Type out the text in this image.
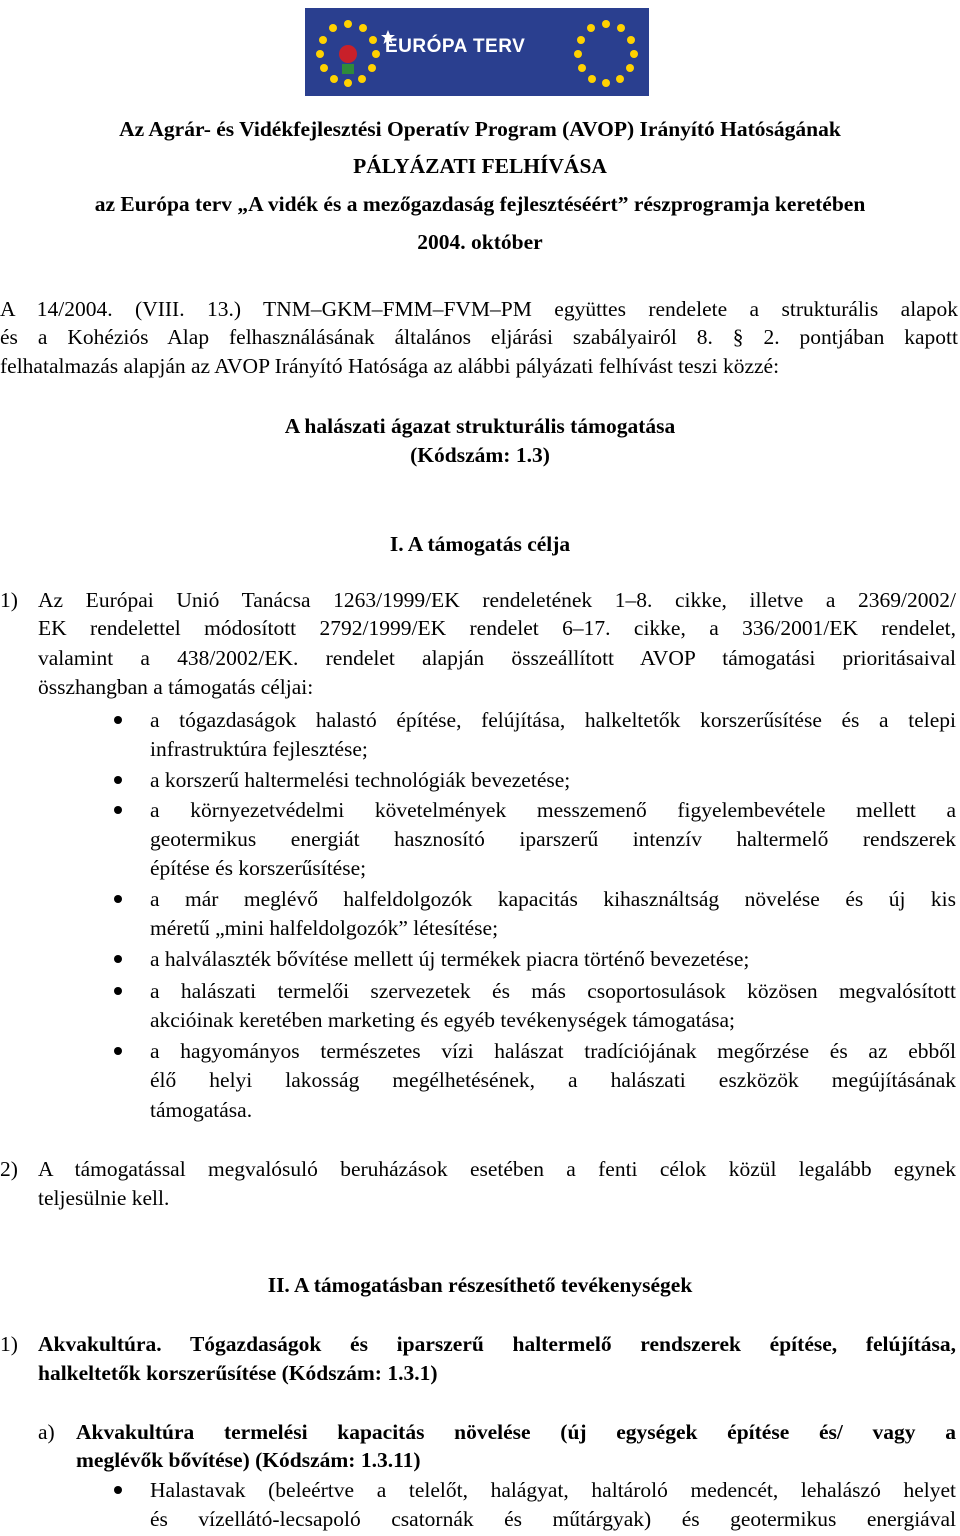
EURÓPA TERV
Az Agrár- és Vidékfejlesztési Operatív Program (AVOP) Irányító Hatóságának
PÁLYÁZATI FELHÍVÁSA
az Európa terv „A vidék és a mezőgazdaság fejlesztéséért” részprogramja keretében
2004. október
A 14/2004. (VIII. 13.) TNM–GKM–FMM–FVM–PM együttes rendelete a strukturális alapok
és a Kohéziós Alap felhasználásának általános eljárási szabályairól 8. § 2. pontjában kapott
felhatalmazás alapján az AVOP Irányító Hatósága az alábbi pályázati felhívást teszi közzé:
A halászati ágazat strukturális támogatása
(Kódszám: 1.3)
I. A támogatás célja
1) Az Európai Unió Tanácsa 1263/1999/EK rendeletének 1–8. cikke, illetve a 2369/2002/
EK rendelettel módosított 2792/1999/EK rendelet 6–17. cikke, a 336/2001/EK rendelet,
valamint a 438/2002/EK. rendelet alapján összeállított AVOP támogatási prioritásaival
összhangban a támogatás céljai:
a tógazdaságok halastó építése, felújítása, halkeltetők korszerűsítése és a telepi
infrastruktúra fejlesztése;
a korszerű haltermelési technológiák bevezetése;
a környezetvédelmi követelmények messzemenő figyelembevétele mellett a
geotermikus energiát hasznosító iparszerű intenzív haltermelő rendszerek
építése és korszerűsítése;
a már meglévő halfeldolgozók kapacitás kihasználtság növelése és új kis
méretű „mini halfeldolgozók” létesítése;
a halválaszték bővítése mellett új termékek piacra történő bevezetése;
a halászati termelői szervezetek és más csoportosulások közösen megvalósított
akcióinak keretében marketing és egyéb tevékenységek támogatása;
a hagyományos természetes vízi halászat tradíciójának megőrzése és az ebből
élő helyi lakosság megélhetésének, a halászati eszközök megújításának
támogatása.
2) A támogatással megvalósuló beruházások esetében a fenti célok közül legalább egynek
teljesülnie kell.
II. A támogatásban részesíthető tevékenységek
1) Akvakultúra. Tógazdaságok és iparszerű haltermelő rendszerek építése, felújítása,
halkeltetők korszerűsítése (Kódszám: 1.3.1)
a) Akvakultúra termelési kapacitás növelése (új egységek építése és/ vagy a
meglévők bővítése) (Kódszám: 1.3.11)
Halastavak (beleértve a telelőt, halágyat, haltároló medencét, lehalászó helyet
és vízellátó-lecsapoló csatornák és műtárgyak) és geotermikus energiával
